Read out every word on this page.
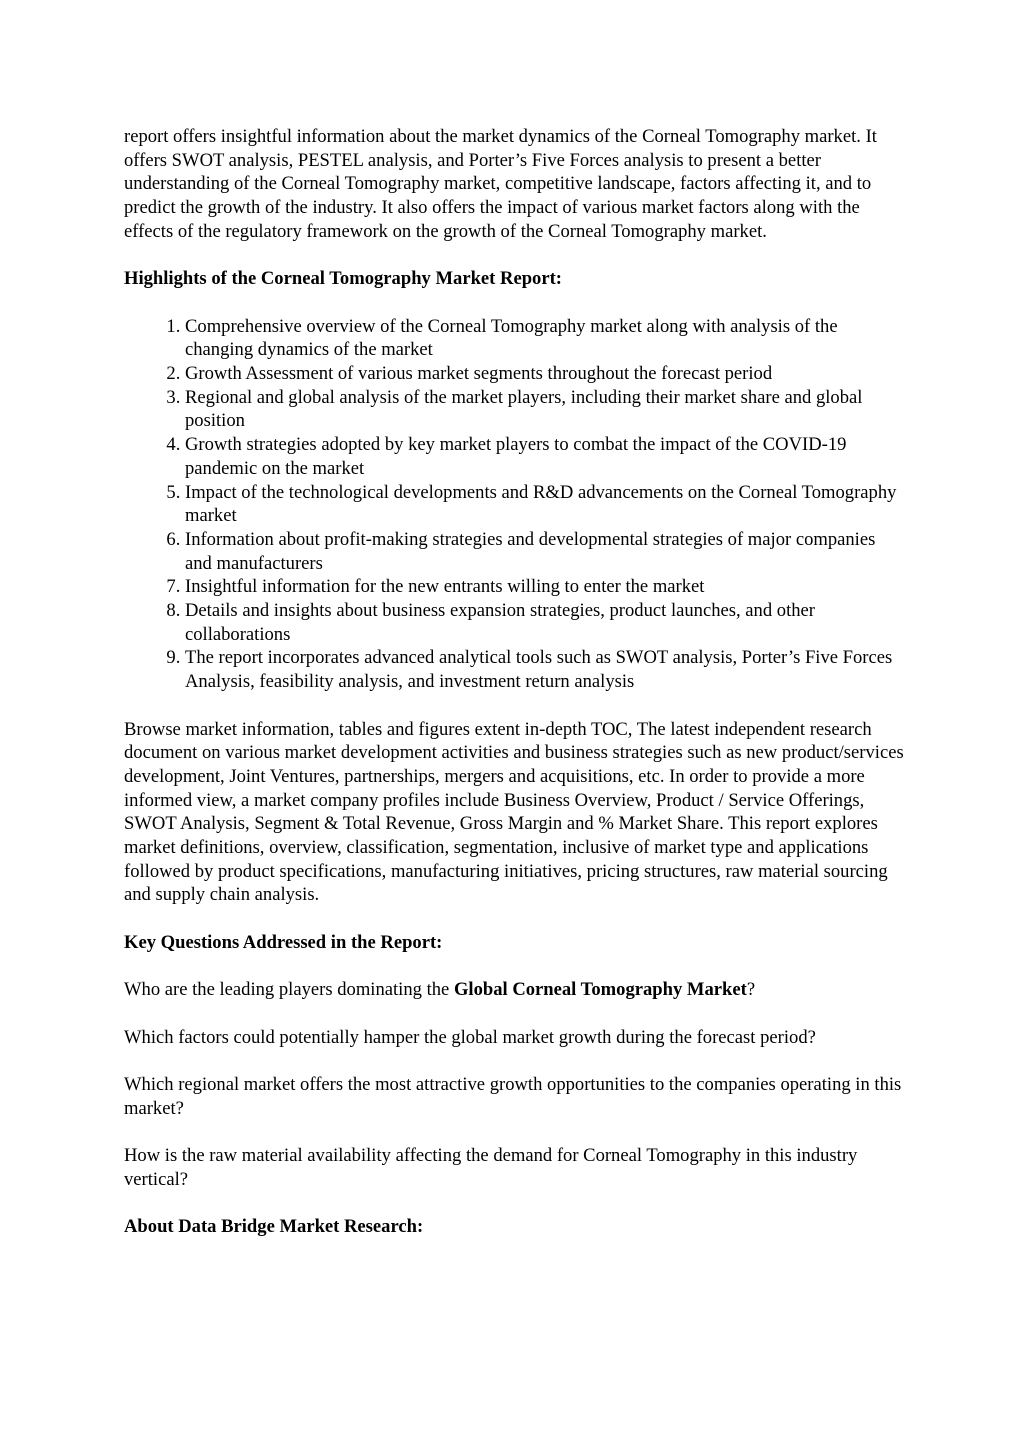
report offers insightful information about the market dynamics of the Corneal Tomography market. It offers SWOT analysis, PESTEL analysis, and Porter’s Five Forces analysis to present a better understanding of the Corneal Tomography market, competitive landscape, factors affecting it, and to predict the growth of the industry. It also offers the impact of various market factors along with the effects of the regulatory framework on the growth of the Corneal Tomography market.

Highlights of the Corneal Tomography Market Report:

1. Comprehensive overview of the Corneal Tomography market along with analysis of the changing dynamics of the market
2. Growth Assessment of various market segments throughout the forecast period
3. Regional and global analysis of the market players, including their market share and global position
4. Growth strategies adopted by key market players to combat the impact of the COVID-19 pandemic on the market
5. Impact of the technological developments and R&D advancements on the Corneal Tomography market
6. Information about profit-making strategies and developmental strategies of major companies and manufacturers
7. Insightful information for the new entrants willing to enter the market
8. Details and insights about business expansion strategies, product launches, and other collaborations
9. The report incorporates advanced analytical tools such as SWOT analysis, Porter’s Five Forces Analysis, feasibility analysis, and investment return analysis

Browse market information, tables and figures extent in-depth TOC, The latest independent research document on various market development activities and business strategies such as new product/services development, Joint Ventures, partnerships, mergers and acquisitions, etc. In order to provide a more informed view, a market company profiles include Business Overview, Product / Service Offerings, SWOT Analysis, Segment & Total Revenue, Gross Margin and % Market Share. This report explores market definitions, overview, classification, segmentation, inclusive of market type and applications followed by product specifications, manufacturing initiatives, pricing structures, raw material sourcing and supply chain analysis.

Key Questions Addressed in the Report:

Who are the leading players dominating the Global Corneal Tomography Market?

Which factors could potentially hamper the global market growth during the forecast period?

Which regional market offers the most attractive growth opportunities to the companies operating in this market?

How is the raw material availability affecting the demand for Corneal Tomography in this industry vertical?

About Data Bridge Market Research:
